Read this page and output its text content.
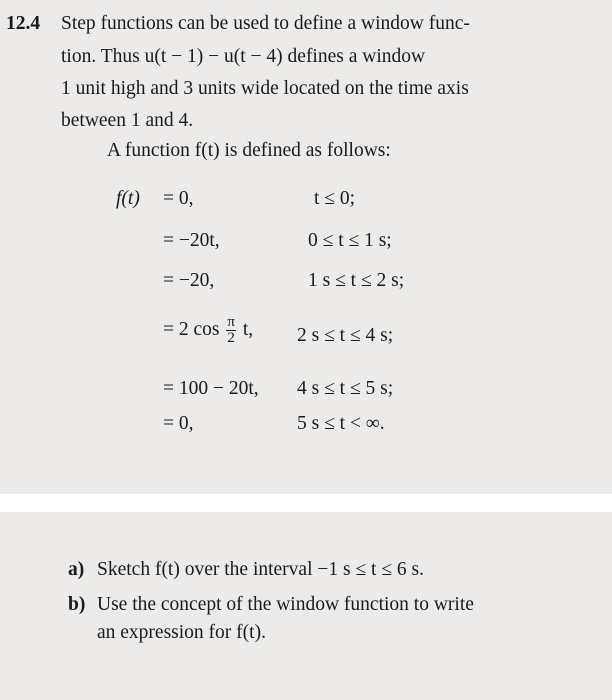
12.4 Step functions can be used to define a window func-
tion. Thus u(t − 1) − u(t − 4) defines a window
1 unit high and 3 units wide located on the time axis
between 1 and 4.
A function f(t) is defined as follows:
f(t) = 0,	t ≤ 0;
= −20t,	0 ≤ t ≤ 1 s;
= −20,	1 s ≤ t ≤ 2 s;
= 2 $\cos \frac{\pi}{2} t$, 2 s ≤ t ≤ 4 s;
= 100 − 20t, 4 s ≤ t ≤ 5 s;
= 0,	5 s ≤ t < ∞.
a) Sketch f(t) over the interval −1 s ≤ t ≤ 6 s.
b) Use the concept of the window function to write
an expression for f(t).
